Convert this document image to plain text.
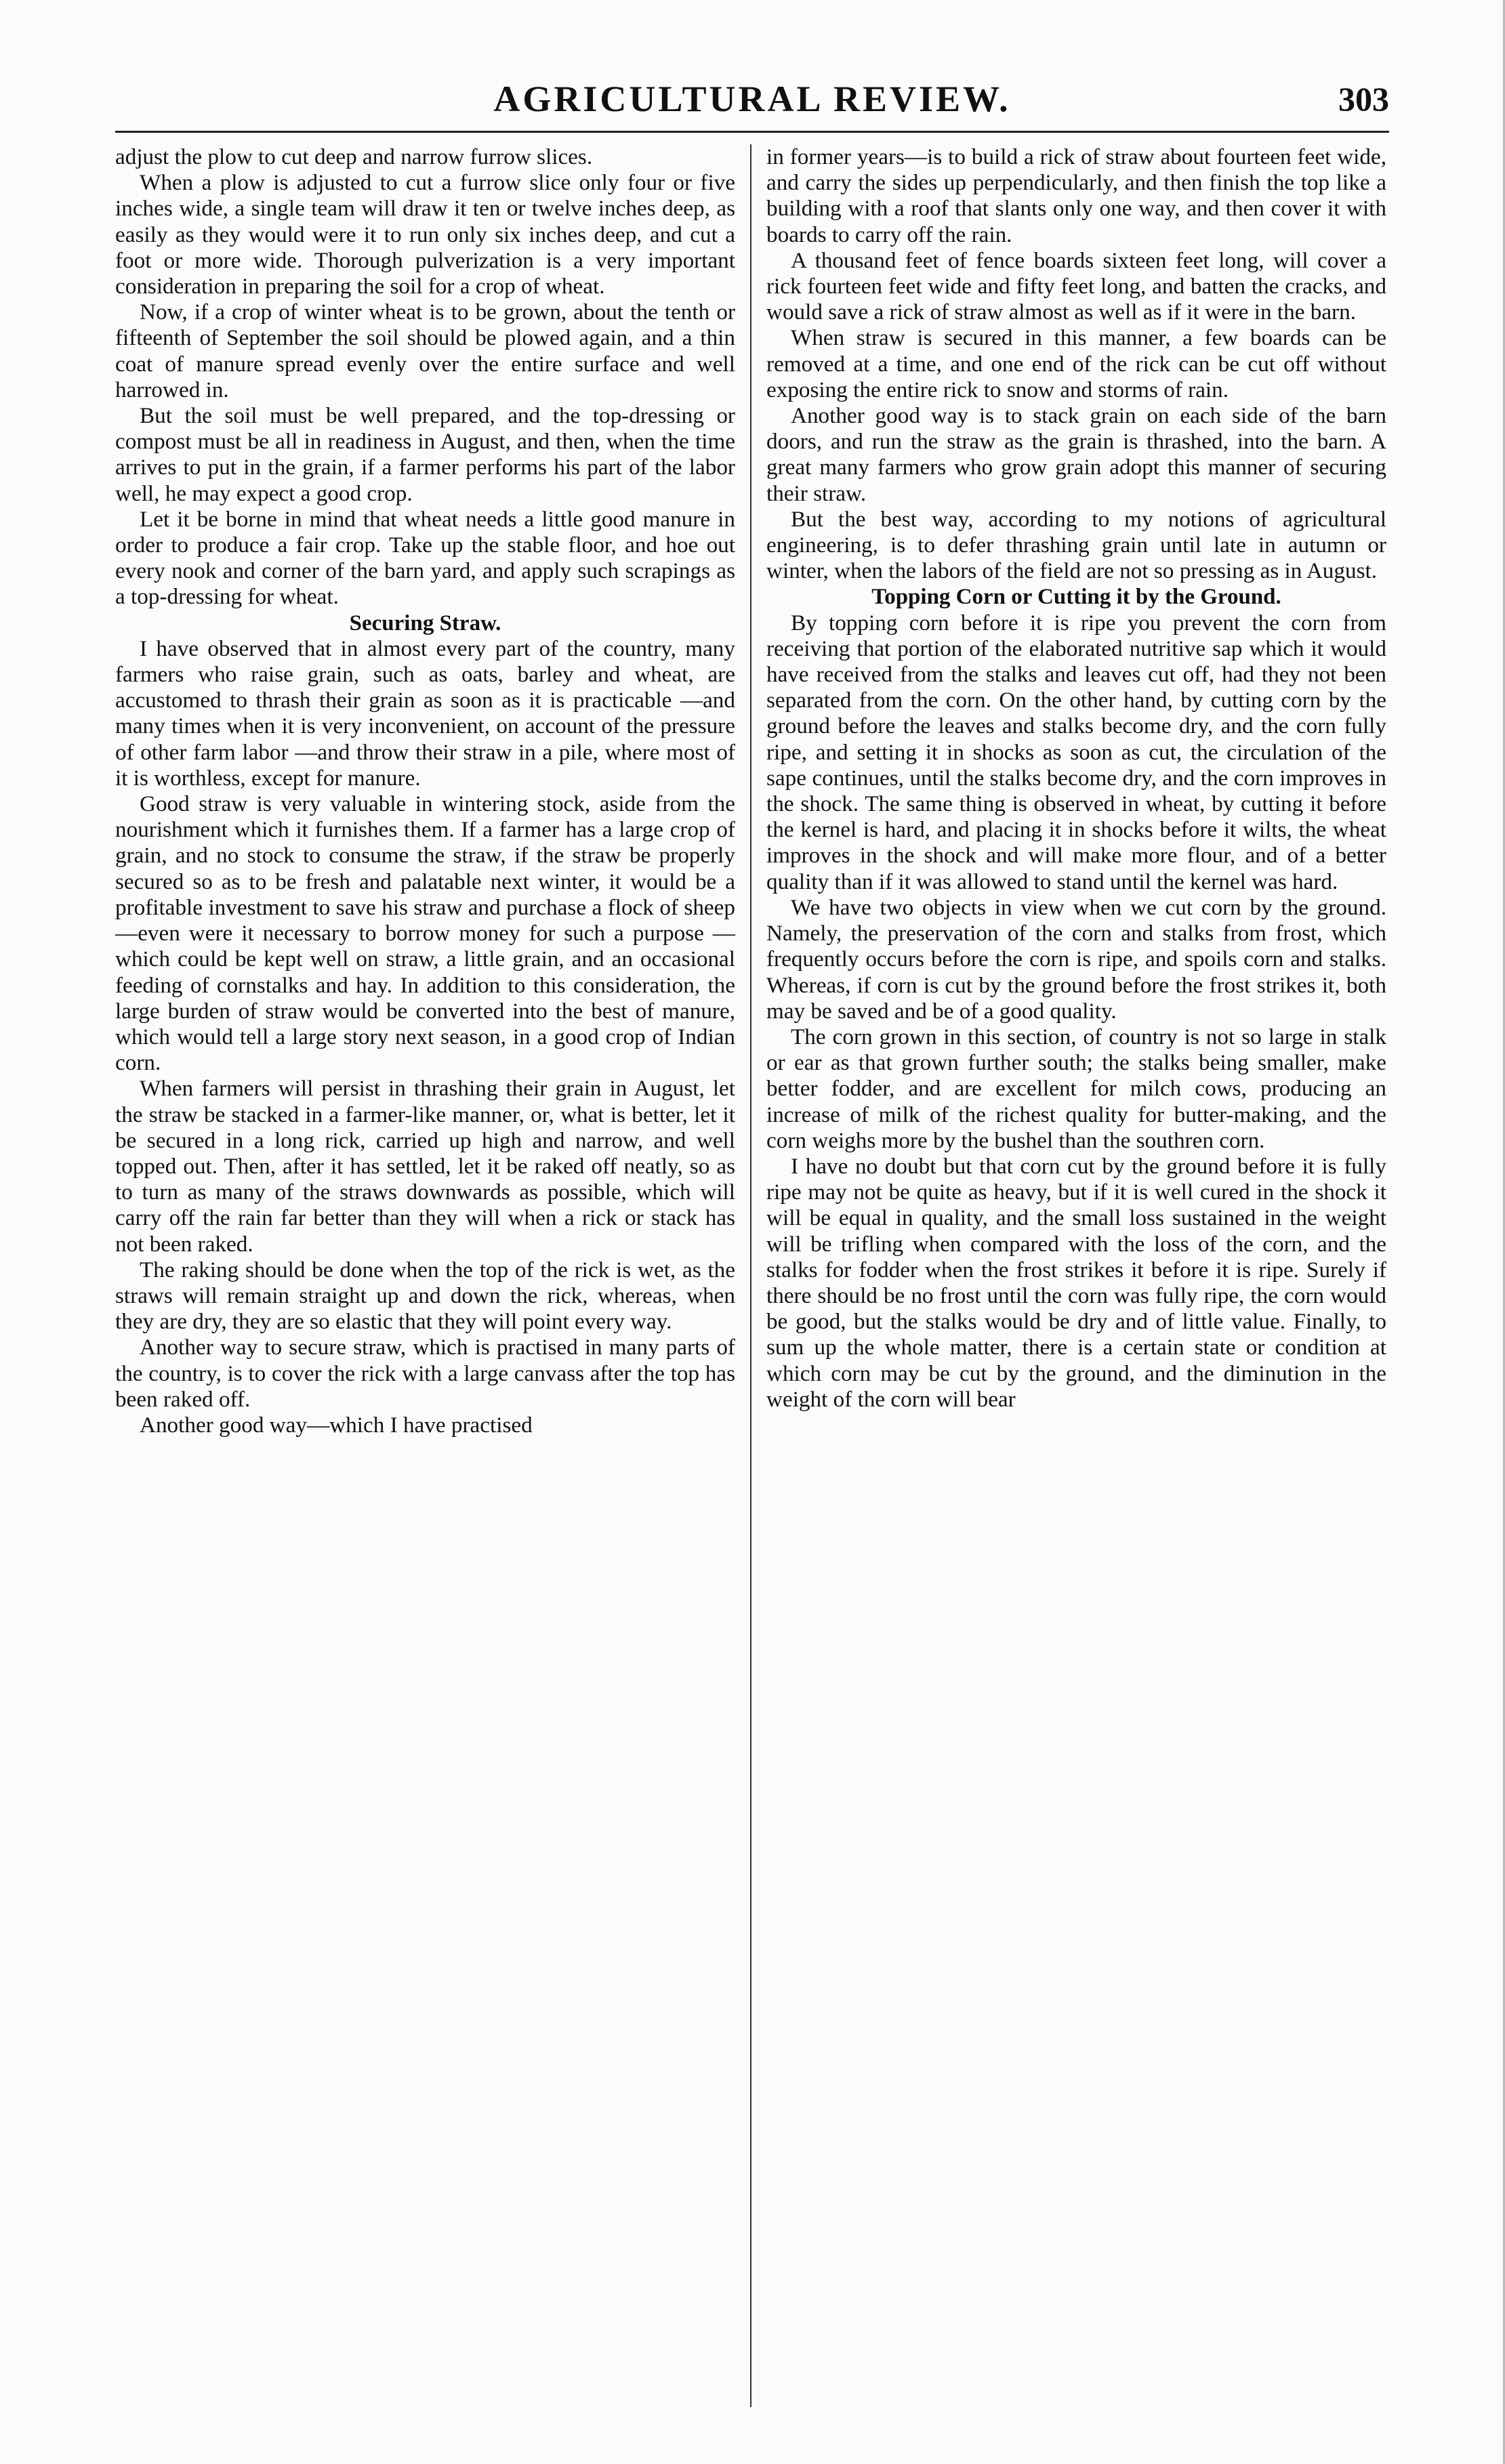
AGRICULTURAL REVIEW.	303

adjust the plow to cut deep and narrow furrow slices.

When a plow is adjusted to cut a furrow slice only four or five inches wide, a single team will draw it ten or twelve inches deep, as easily as they would were it to run only six inches deep, and cut a foot or more wide. Thorough pulverization is a very important consideration in preparing the soil for a crop of wheat.

Now, if a crop of winter wheat is to be grown, about the tenth or fifteenth of September the soil should be plowed again, and a thin coat of manure spread evenly over the entire surface and well harrowed in.

But the soil must be well prepared, and the top-dressing or compost must be all in readiness in August, and then, when the time arrives to put in the grain, if a farmer performs his part of the labor well, he may expect a good crop.

Let it be borne in mind that wheat needs a little good manure in order to produce a fair crop. Take up the stable floor, and hoe out every nook and corner of the barn yard, and apply such scrapings as a top-dressing for wheat.

Securing Straw.

I have observed that in almost every part of the country, many farmers who raise grain, such as oats, barley and wheat, are accustomed to thrash their grain as soon as it is practicable —and many times when it is very inconvenient, on account of the pressure of other farm labor —and throw their straw in a pile, where most of it is worthless, except for manure.

Good straw is very valuable in wintering stock, aside from the nourishment which it furnishes them. If a farmer has a large crop of grain, and no stock to consume the straw, if the straw be properly secured so as to be fresh and palatable next winter, it would be a profitable investment to save his straw and purchase a flock of sheep—even were it necessary to borrow money for such a purpose —which could be kept well on straw, a little grain, and an occasional feeding of cornstalks and hay. In addition to this consideration, the large burden of straw would be converted into the best of manure, which would tell a large story next season, in a good crop of Indian corn.

When farmers will persist in thrashing their grain in August, let the straw be stacked in a farmer-like manner, or, what is better, let it be secured in a long rick, carried up high and narrow, and well topped out. Then, after it has settled, let it be raked off neatly, so as to turn as many of the straws downwards as possible, which will carry off the rain far better than they will when a rick or stack has not been raked.

The raking should be done when the top of the rick is wet, as the straws will remain straight up and down the rick, whereas, when they are dry, they are so elastic that they will point every way.

Another way to secure straw, which is practised in many parts of the country, is to cover the rick with a large canvass after the top has been raked off.

Another good way—which I have practised

in former years—is to build a rick of straw about fourteen feet wide, and carry the sides up perpendicularly, and then finish the top like a building with a roof that slants only one way, and then cover it with boards to carry off the rain.

A thousand feet of fence boards sixteen feet long, will cover a rick fourteen feet wide and fifty feet long, and batten the cracks, and would save a rick of straw almost as well as if it were in the barn.

When straw is secured in this manner, a few boards can be removed at a time, and one end of the rick can be cut off without exposing the entire rick to snow and storms of rain.

Another good way is to stack grain on each side of the barn doors, and run the straw as the grain is thrashed, into the barn. A great many farmers who grow grain adopt this manner of securing their straw.

But the best way, according to my notions of agricultural engineering, is to defer thrashing grain until late in autumn or winter, when the labors of the field are not so pressing as in August.

Topping Corn or Cutting it by the Ground.

By topping corn before it is ripe you prevent the corn from receiving that portion of the elaborated nutritive sap which it would have received from the stalks and leaves cut off, had they not been separated from the corn. On the other hand, by cutting corn by the ground before the leaves and stalks become dry, and the corn fully ripe, and setting it in shocks as soon as cut, the circulation of the sape continues, until the stalks become dry, and the corn improves in the shock. The same thing is observed in wheat, by cutting it before the kernel is hard, and placing it in shocks before it wilts, the wheat improves in the shock and will make more flour, and of a better quality than if it was allowed to stand until the kernel was hard.

We have two objects in view when we cut corn by the ground. Namely, the preservation of the corn and stalks from frost, which frequently occurs before the corn is ripe, and spoils corn and stalks. Whereas, if corn is cut by the ground before the frost strikes it, both may be saved and be of a good quality.

The corn grown in this section, of country is not so large in stalk or ear as that grown further south; the stalks being smaller, make better fodder, and are excellent for milch cows, producing an increase of milk of the richest quality for butter-making, and the corn weighs more by the bushel than the southren corn.

I have no doubt but that corn cut by the ground before it is fully ripe may not be quite as heavy, but if it is well cured in the shock it will be equal in quality, and the small loss sustained in the weight will be trifling when compared with the loss of the corn, and the stalks for fodder when the frost strikes it before it is ripe. Surely if there should be no frost until the corn was fully ripe, the corn would be good, but the stalks would be dry and of little value. Finally, to sum up the whole matter, there is a certain state or condition at which corn may be cut by the ground, and the diminution in the weight of the corn will bear
